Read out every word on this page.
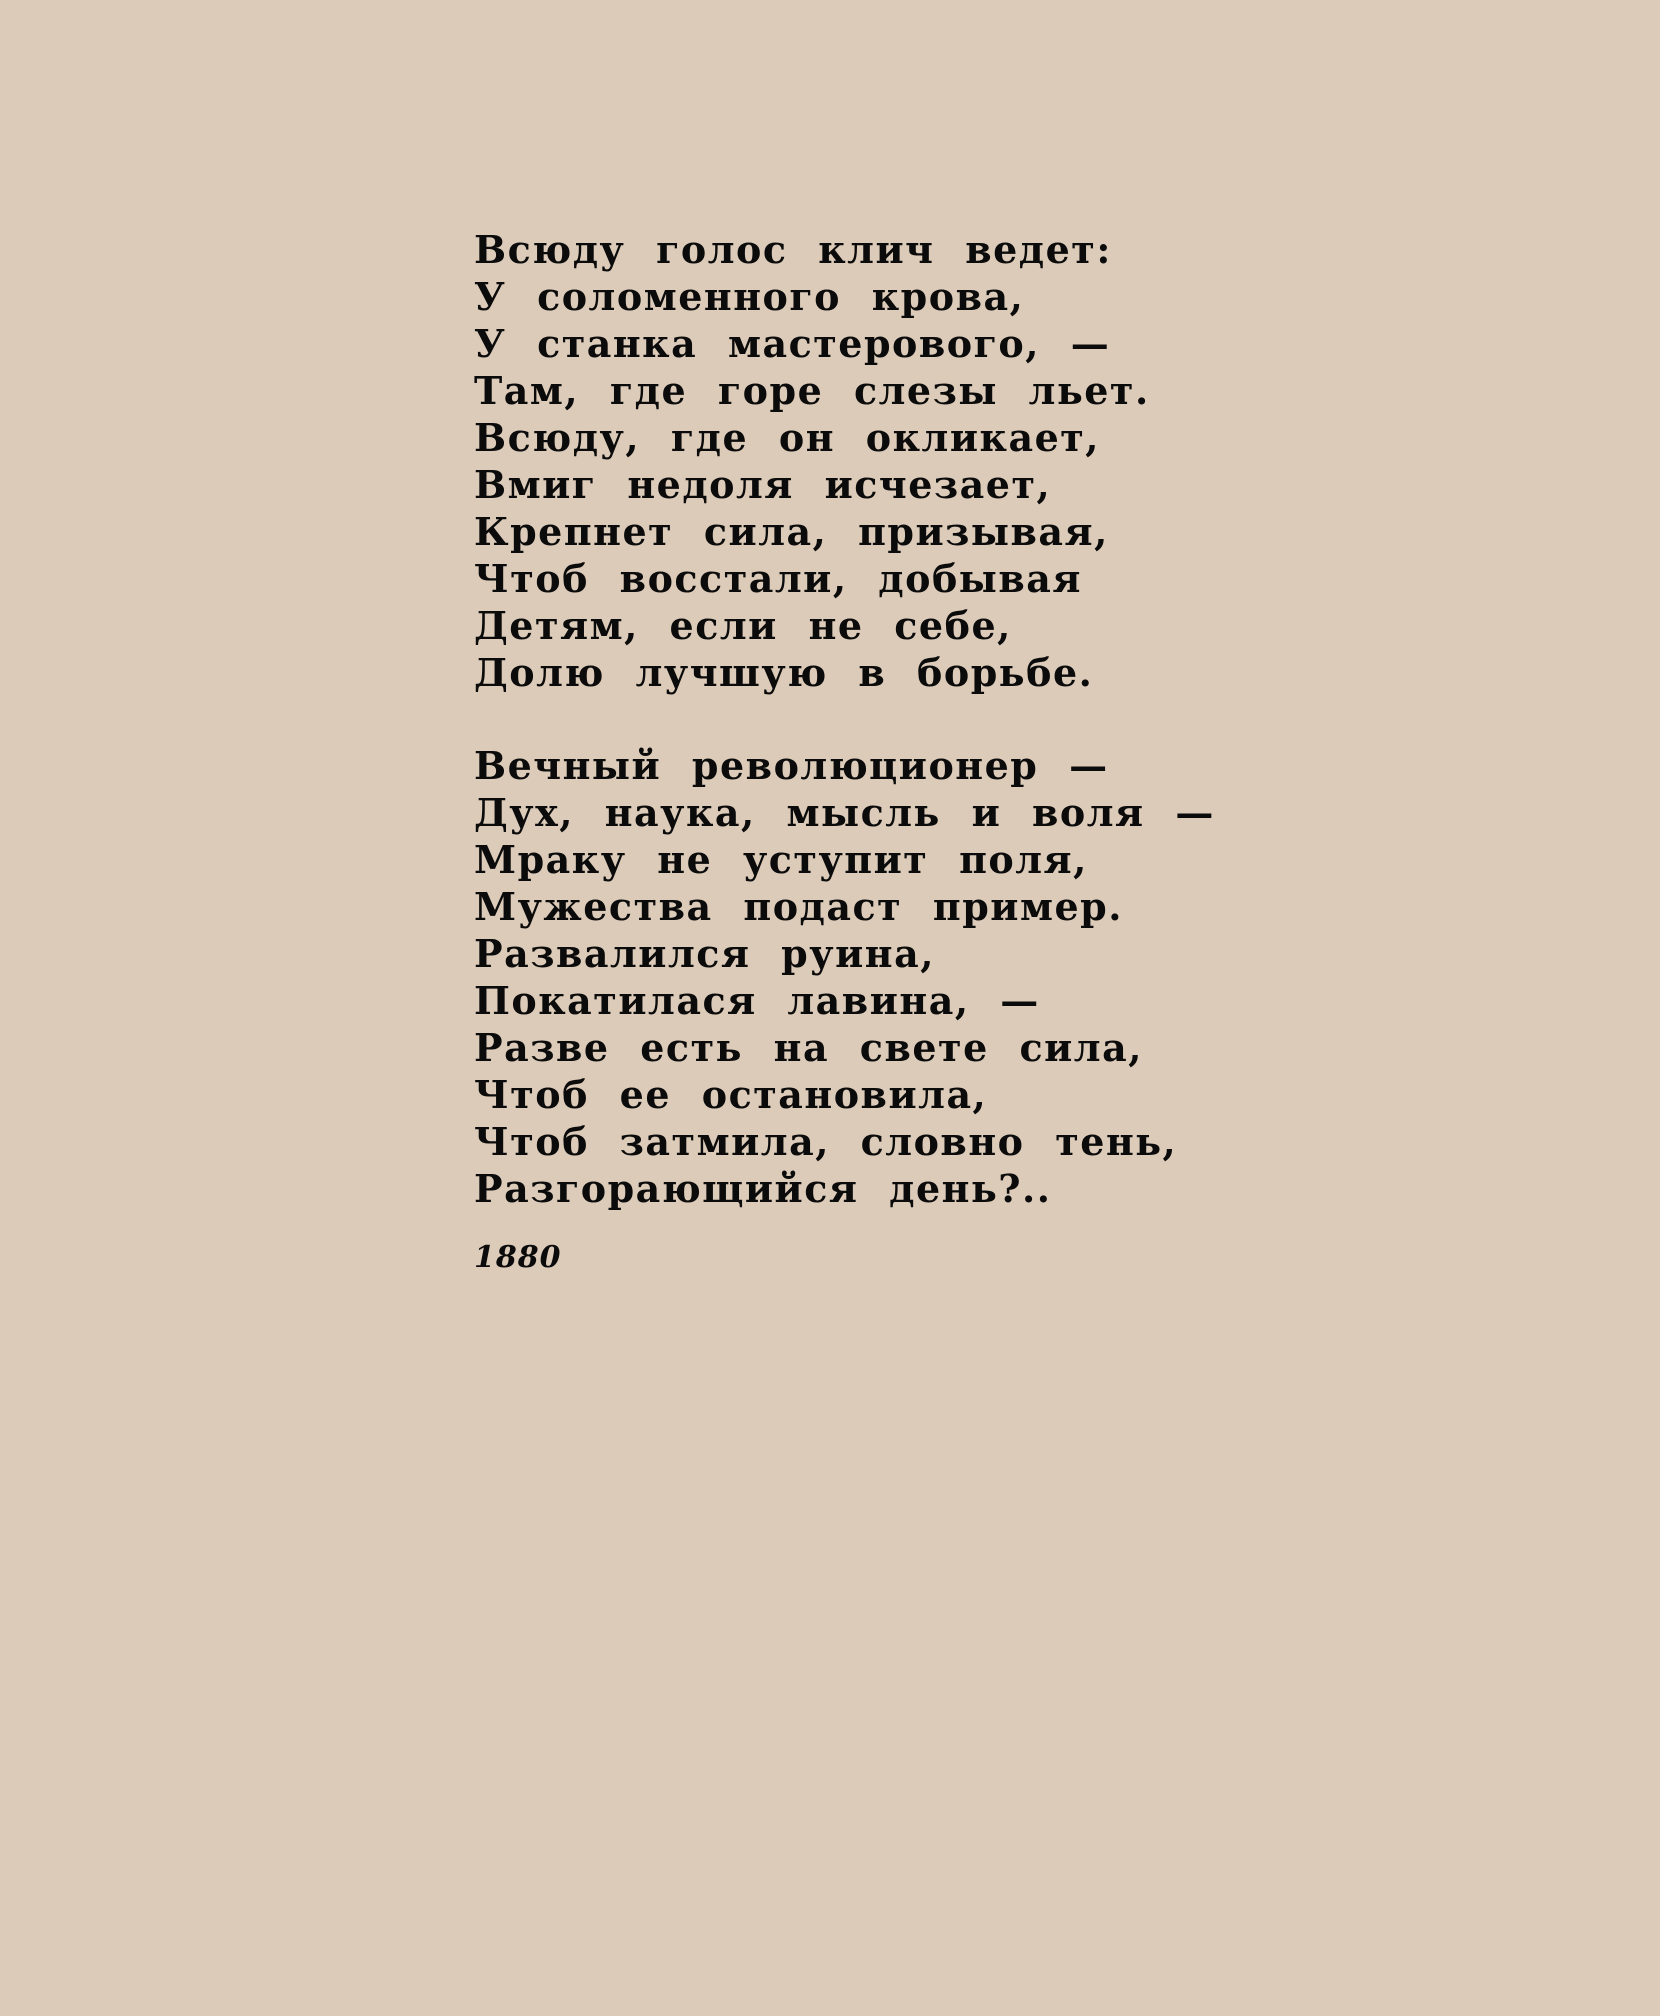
Всюду голос клич ведет:
У соломенного крова,
У станка мастерового, —
Там, где горе слезы льет.
Всюду, где он окликает,
Вмиг недоля исчезает,
Крепнет сила, призывая,
Чтоб восстали, добывая
Детям, если не себе,
Долю лучшую в борьбе.
Вечный революционер —
Дух, наука, мысль и воля —
Мраку не уступит поля,
Мужества подаст пример.
Развалился руина,
Покатилася лавина, —
Разве есть на свете сила,
Чтоб ее остановила,
Чтоб затмила, словно тень,
Разгорающийся день?..
1880
